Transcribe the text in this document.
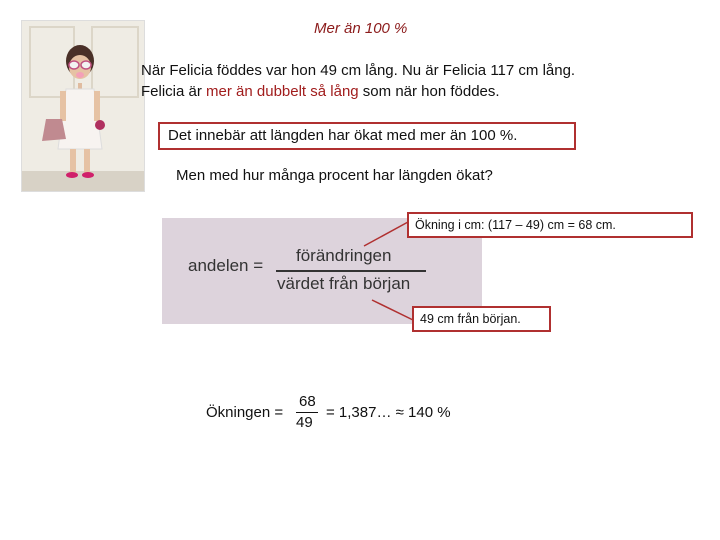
Mer än 100 %
När Felicia föddes var hon 49 cm lång. Nu är Felicia 117 cm lång.
Felicia är mer än dubbelt så lång som när hon föddes.
Det innebär att längden har ökat med mer än 100 %.
Men med hur många procent har längden ökat?
andelen =
förändringen
värdet från början
Ökning i cm: (117 – 49) cm = 68 cm.
49 cm från början.
Ökningen =
68
49
= 1,387… ≈ 140 %
